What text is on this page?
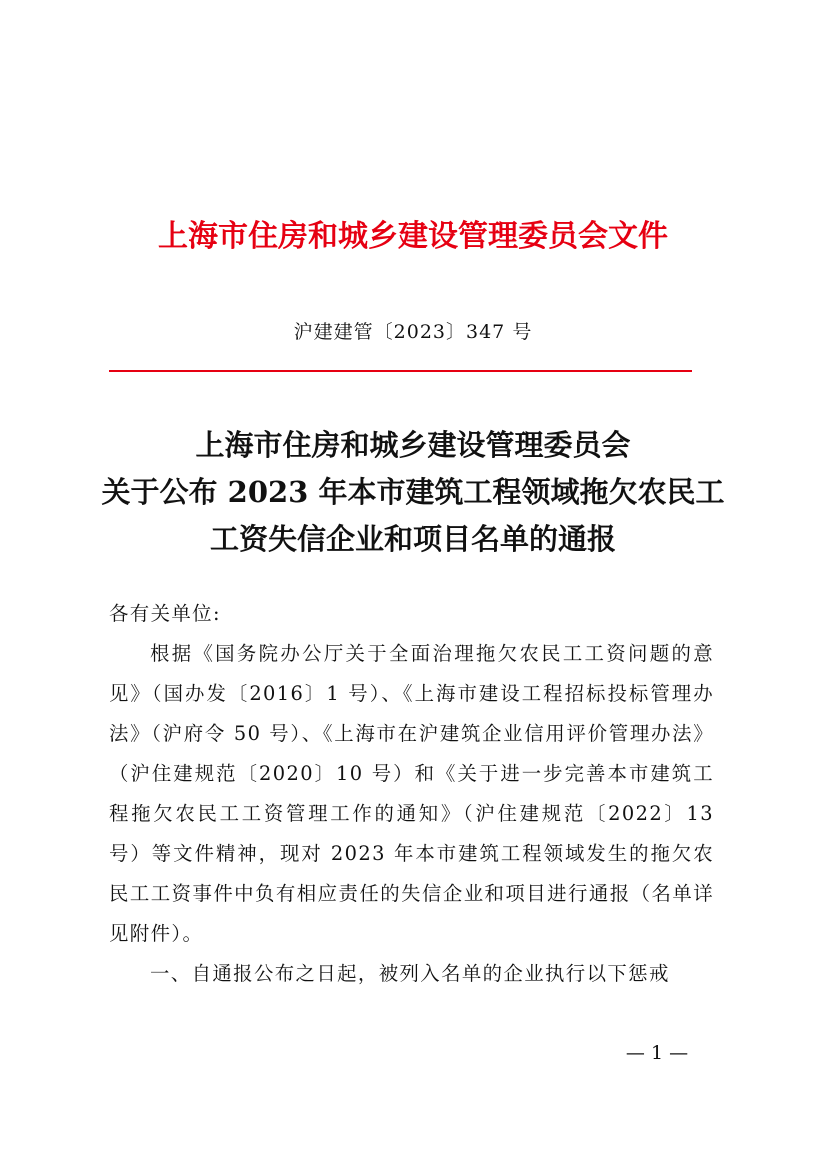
上海市住房和城乡建设管理委员会文件
沪建建管〔2023〕347 号
上海市住房和城乡建设管理委员会
关于公布 2023 年本市建筑工程领域拖欠农民工
工资失信企业和项目名单的通报

各有关单位:

根据《国务院办公厅关于全面治理拖欠农民工工资问题的意见》（国办发〔2016〕1 号）、《上海市建设工程招标投标管理办法》（沪府令 50 号）、《上海市在沪建筑企业信用评价管理办法》（沪住建规范〔2020〕10 号）和《关于进一步完善本市建筑工程拖欠农民工工资管理工作的通知》（沪住建规范〔2022〕13 号）等文件精神，现对 2023 年本市建筑工程领域发生的拖欠农民工工资事件中负有相应责任的失信企业和项目进行通报（名单详见附件）。

一、自通报公布之日起，被列入名单的企业执行以下惩戒

— 1 —
